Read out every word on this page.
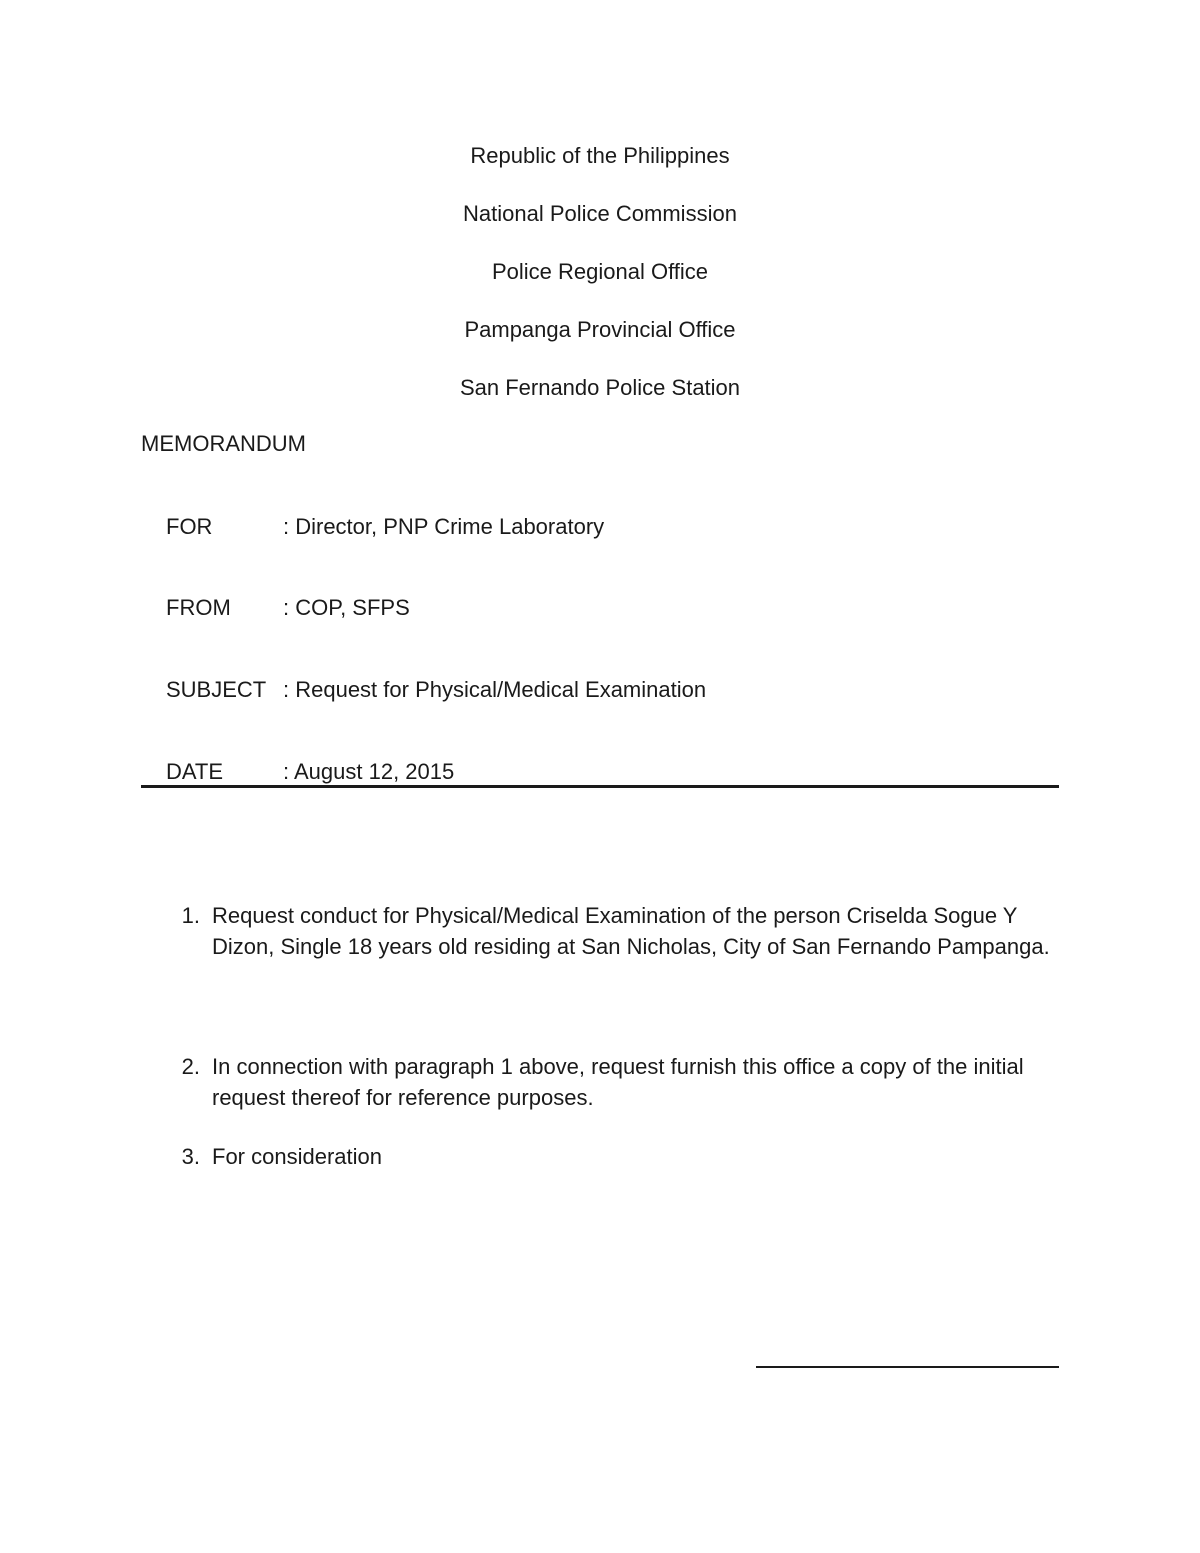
Republic of the Philippines
National Police Commission
Police Regional Office
Pampanga Provincial Office
San Fernando Police Station
MEMORANDUM
FOR	: Director, PNP Crime Laboratory
FROM : COP, SFPS
SUBJECT : Request for Physical/Medical Examination
DATE	: August 12, 2015
1. Request conduct for Physical/Medical Examination of the person Criselda Sogue Y Dizon, Single 18 years old residing at San Nicholas, City of San Fernando Pampanga.
2. In connection with paragraph 1 above, request furnish this office a copy of the initial request thereof for reference purposes.
3. For consideration
